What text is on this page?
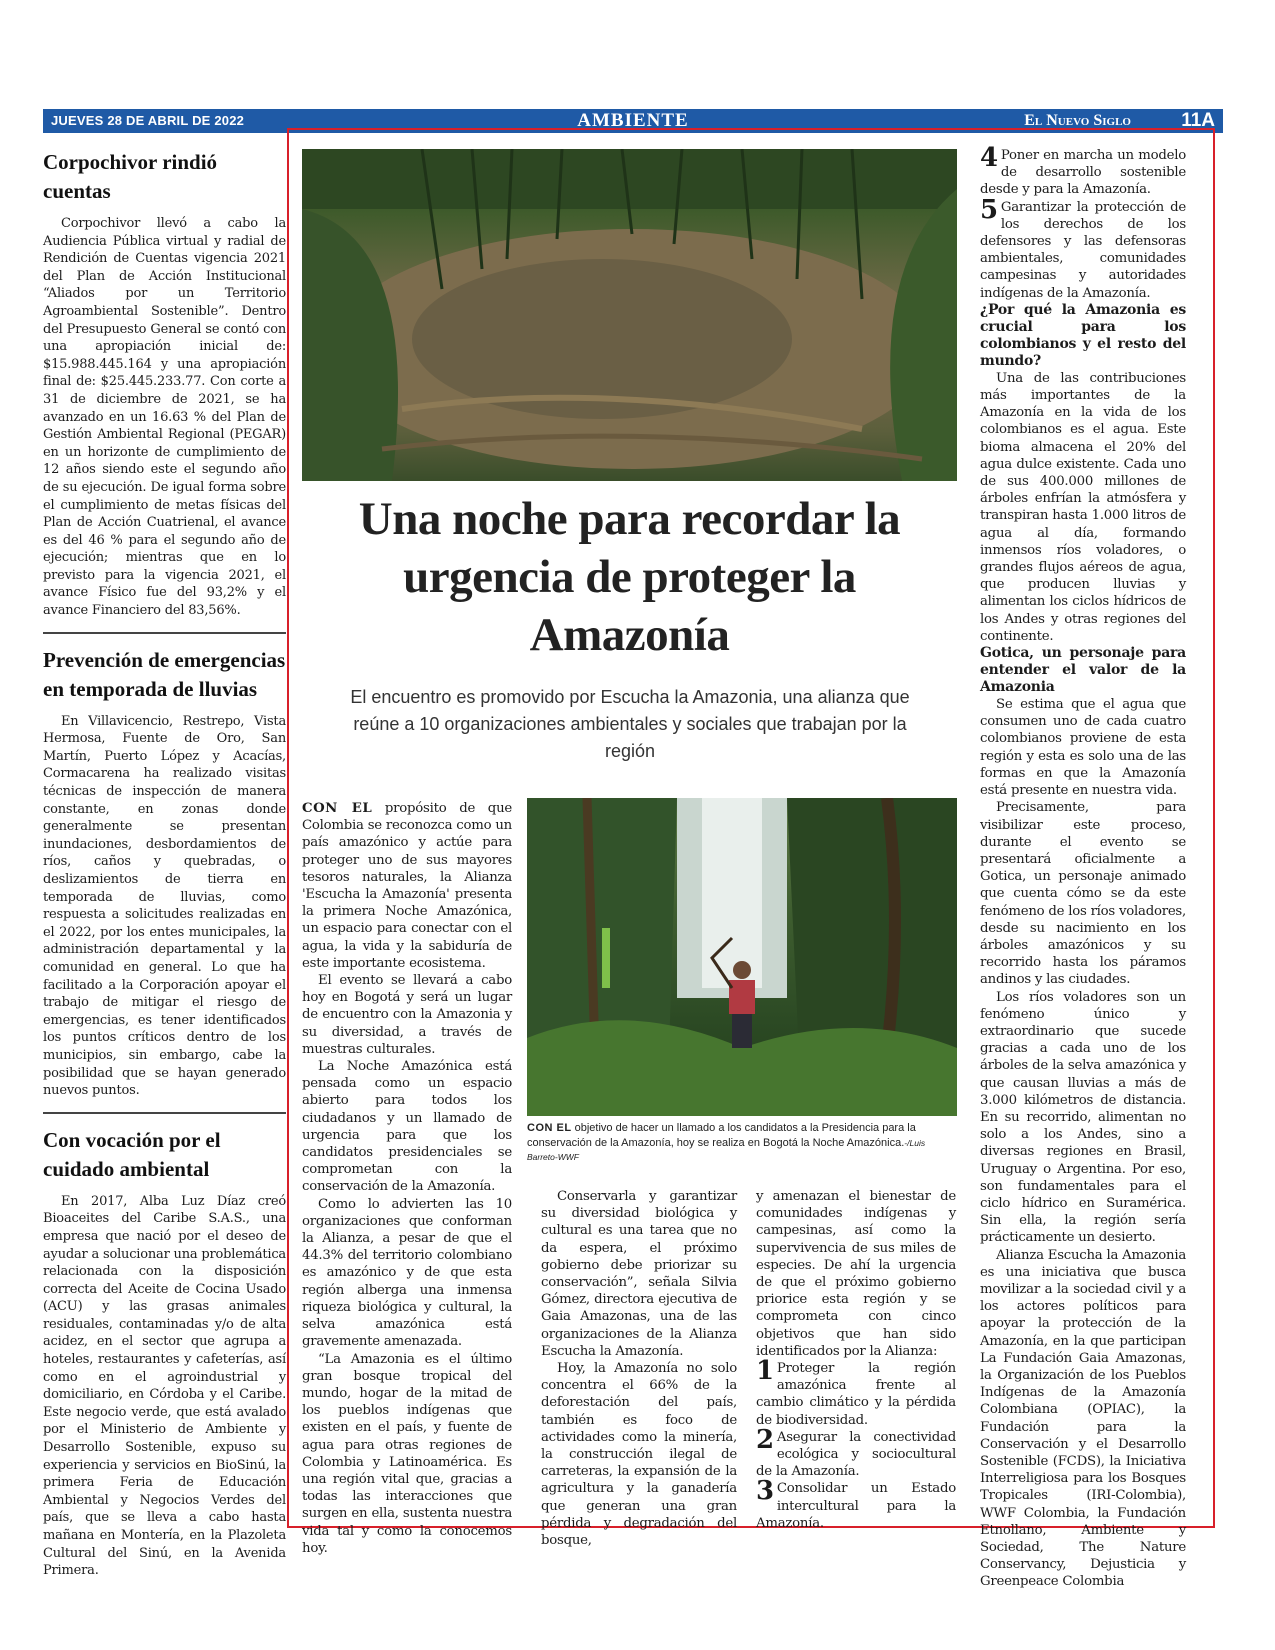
JUEVES 28 DE ABRIL DE 2022	AMBIENTE	El Nuevo Siglo	11A
Corpochivor rindió cuentas

Corpochivor llevó a cabo la Audiencia Pública virtual y radial de Rendición de Cuentas vigencia 2021 del Plan de Acción Institucional “Aliados por un Territorio Agroambiental Sostenible”. Dentro del Presupuesto General se contó con una apropiación inicial de: $15.988.445.164 y una apropiación final de: $25.445.233.77. Con corte a 31 de diciembre de 2021, se ha avanzado en un 16.63 % del Plan de Gestión Ambiental Regional (PEGAR) en un horizonte de cumplimiento de 12 años siendo este el segundo año de su ejecución. De igual forma sobre el cumplimiento de metas físicas del Plan de Acción Cuatrienal, el avance es del 46 % para el segundo año de ejecución; mientras que en lo previsto para la vigencia 2021, el avance Físico fue del 93,2% y el avance Financiero del 83,56%.

Prevención de emergencias en temporada de lluvias

En Villavicencio, Restrepo, Vista Hermosa, Fuente de Oro, San Martín, Puerto López y Acacías, Cormacarena ha realizado visitas técnicas de inspección de manera constante, en zonas donde generalmente se presentan inundaciones, desbordamientos de ríos, caños y quebradas, o deslizamientos de tierra en temporada de lluvias, como respuesta a solicitudes realizadas en el 2022, por los entes municipales, la administración departamental y la comunidad en general. Lo que ha facilitado a la Corporación apoyar el trabajo de mitigar el riesgo de emergencias, es tener identificados los puntos críticos dentro de los municipios, sin embargo, cabe la posibilidad que se hayan generado nuevos puntos.

Con vocación por el cuidado ambiental

En 2017, Alba Luz Díaz creó Bioaceites del Caribe S.A.S., una empresa que nació por el deseo de ayudar a solucionar una problemática relacionada con la disposición correcta del Aceite de Cocina Usado (ACU) y las grasas animales residuales, contaminadas y/o de alta acidez, en el sector que agrupa a hoteles, restaurantes y cafeterías, así como en el agroindustrial y domiciliario, en Córdoba y el Caribe. Este negocio verde, que está avalado por el Ministerio de Ambiente y Desarrollo Sostenible, expuso su experiencia y servicios en BioSinú, la primera Feria de Educación Ambiental y Negocios Verdes del país, que se lleva a cabo hasta mañana en Montería, en la Plazoleta Cultural del Sinú, en la Avenida Primera.

Una noche para recordar la urgencia de proteger la Amazonía

El encuentro es promovido por Escucha la Amazonia, una alianza que reúne a 10 organizaciones ambientales y sociales que trabajan por la región

CON EL propósito de que Colombia se reconozca como un país amazónico y actúe para proteger uno de sus mayores tesoros naturales, la Alianza 'Escucha la Amazonía' presenta la primera Noche Amazónica, un espacio para conectar con el agua, la vida y la sabiduría de este importante ecosistema.

El evento se llevará a cabo hoy en Bogotá y será un lugar de encuentro con la Amazonia y su diversidad, a través de muestras culturales.

La Noche Amazónica está pensada como un espacio abierto para todos los ciudadanos y un llamado de urgencia para que los candidatos presidenciales se comprometan con la conservación de la Amazonía.

Como lo advierten las 10 organizaciones que conforman la Alianza, a pesar de que el 44.3% del territorio colombiano es amazónico y de que esta región alberga una inmensa riqueza biológica y cultural, la selva amazónica está gravemente amenazada.

“La Amazonia es el último gran bosque tropical del mundo, hogar de la mitad de los pueblos indígenas que existen en el país, y fuente de agua para otras regiones de Colombia y Latinoamérica. Es una región vital que, gracias a todas las interacciones que surgen en ella, sustenta nuestra vida tal y como la conocemos hoy.

CON EL objetivo de hacer un llamado a los candidatos a la Presidencia para la conservación de la Amazonía, hoy se realiza en Bogotá la Noche Amazónica.-/Luis Barreto-WWF

Conservarla y garantizar su diversidad biológica y cultural es una tarea que no da espera, el próximo gobierno debe priorizar su conservación”, señala Silvia Gómez, directora ejecutiva de Gaia Amazonas, una de las organizaciones de la Alianza Escucha la Amazonía.

Hoy, la Amazonía no solo concentra el 66% de la deforestación del país, también es foco de actividades como la minería, la construcción ilegal de carreteras, la expansión de la agricultura y la ganadería que generan una gran pérdida y degradación del bosque,

y amenazan el bienestar de comunidades indígenas y campesinas, así como la supervivencia de sus miles de especies. De ahí la urgencia de que el próximo gobierno priorice esta región y se comprometa con cinco objetivos que han sido identificados por la Alianza:

1 Proteger la región amazónica frente al cambio climático y la pérdida de biodiversidad.

2 Asegurar la conectividad ecológica y sociocultural de la Amazonía.

3 Consolidar un Estado intercultural para la Amazonía.

4 Poner en marcha un modelo de desarrollo sostenible desde y para la Amazonía.

5 Garantizar la protección de los derechos de los defensores y las defensoras ambientales, comunidades campesinas y autoridades indígenas de la Amazonía.

¿Por qué la Amazonia es crucial para los colombianos y el resto del mundo?

Una de las contribuciones más importantes de la Amazonía en la vida de los colombianos es el agua. Este bioma almacena el 20% del agua dulce existente. Cada uno de sus 400.000 millones de árboles enfrían la atmósfera y transpiran hasta 1.000 litros de agua al día, formando inmensos ríos voladores, o grandes flujos aéreos de agua, que producen lluvias y alimentan los ciclos hídricos de los Andes y otras regiones del continente.

Gotica, un personaje para entender el valor de la Amazonia

Se estima que el agua que consumen uno de cada cuatro colombianos proviene de esta región y esta es solo una de las formas en que la Amazonía está presente en nuestra vida.

Precisamente, para visibilizar este proceso, durante el evento se presentará oficialmente a Gotica, un personaje animado que cuenta cómo se da este fenómeno de los ríos voladores, desde su nacimiento en los árboles amazónicos y su recorrido hasta los páramos andinos y las ciudades.

Los ríos voladores son un fenómeno único y extraordinario que sucede gracias a cada uno de los árboles de la selva amazónica y que causan lluvias a más de 3.000 kilómetros de distancia. En su recorrido, alimentan no solo a los Andes, sino a diversas regiones en Brasil, Uruguay o Argentina. Por eso, son fundamentales para el ciclo hídrico en Suramérica. Sin ella, la región sería prácticamente un desierto.

Alianza Escucha la Amazonia es una iniciativa que busca movilizar a la sociedad civil y a los actores políticos para apoyar la protección de la Amazonía, en la que participan La Fundación Gaia Amazonas, la Organización de los Pueblos Indígenas de la Amazonía Colombiana (OPIAC), la Fundación para la Conservación y el Desarrollo Sostenible (FCDS), la Iniciativa Interreligiosa para los Bosques Tropicales (IRI-Colombia), WWF Colombia, la Fundación Etnollano, Ambiente y Sociedad, The Nature Conservancy, Dejusticia y Greenpeace Colombia
